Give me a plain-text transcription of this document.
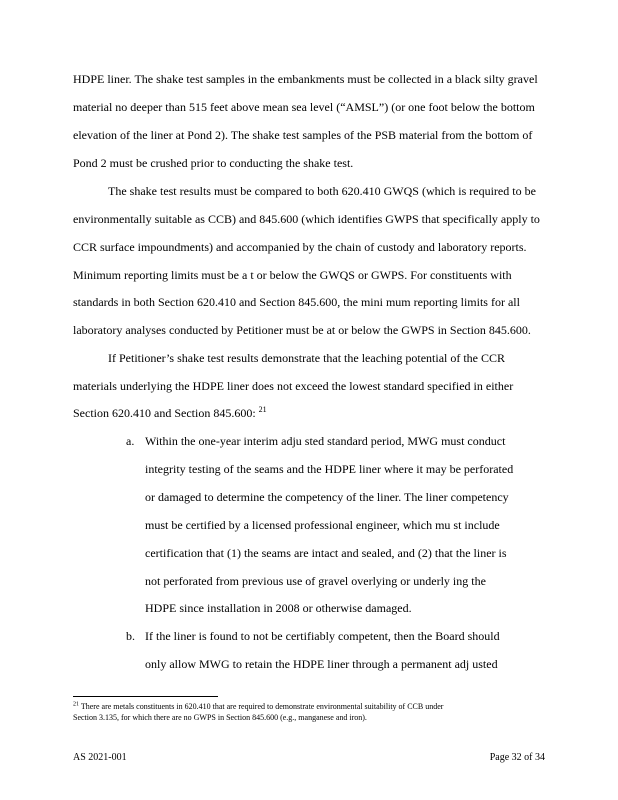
HDPE liner. The shake test samples in the embankments must be collected in a black silty gravel
material no deeper than 515 feet above mean sea level (“AMSL”) (or one foot below the bottom
elevation of the liner at Pond 2). The shake test samples of the PSB material from the bottom of
Pond 2 must be crushed prior to conducting the shake test.
The shake test results must be compared to both 620.410 GWQS (which is required to be
environmentally suitable as CCB) and 845.600 (which identifies GWPS that specifically apply to
CCR surface impoundments) and accompanied by the chain of custody and laboratory reports.
Minimum reporting limits must be a t or below the GWQS or GWPS. For constituents with
standards in both Section 620.410 and Section 845.600, the mini mum reporting limits for all
laboratory analyses conducted by Petitioner must be at or below the GWPS in Section 845.600.
If Petitioner’s shake test results demonstrate that the leaching potential of the CCR
materials underlying the HDPE liner does not exceed the lowest standard specified in either
Section 620.410 and Section 845.600: $^{21}$
a. Within the one-year interim adju sted standard period, MWG must conduct
integrity testing of the seams and the HDPE liner where it may be perforated
or damaged to determine the competency of the liner. The liner competency
must be certified by a licensed professional engineer, which mu st include
certification that (1) the seams are intact and sealed, and (2) that the liner is
not perforated from previous use of gravel overlying or underly ing the
HDPE since installation in 2008 or otherwise damaged.
b. If the liner is found to not be certifiably competent, then the Board should
only allow MWG to retain the HDPE liner through a permanent adj usted
$^{21}$ There are metals constituents in 620.410 that are required to demonstrate environmental suitability of CCB under
Section 3.135, for which there are no GWPS in Section 845.600 (e.g., manganese and iron).
AS 2021-001	Page 32 of 34
